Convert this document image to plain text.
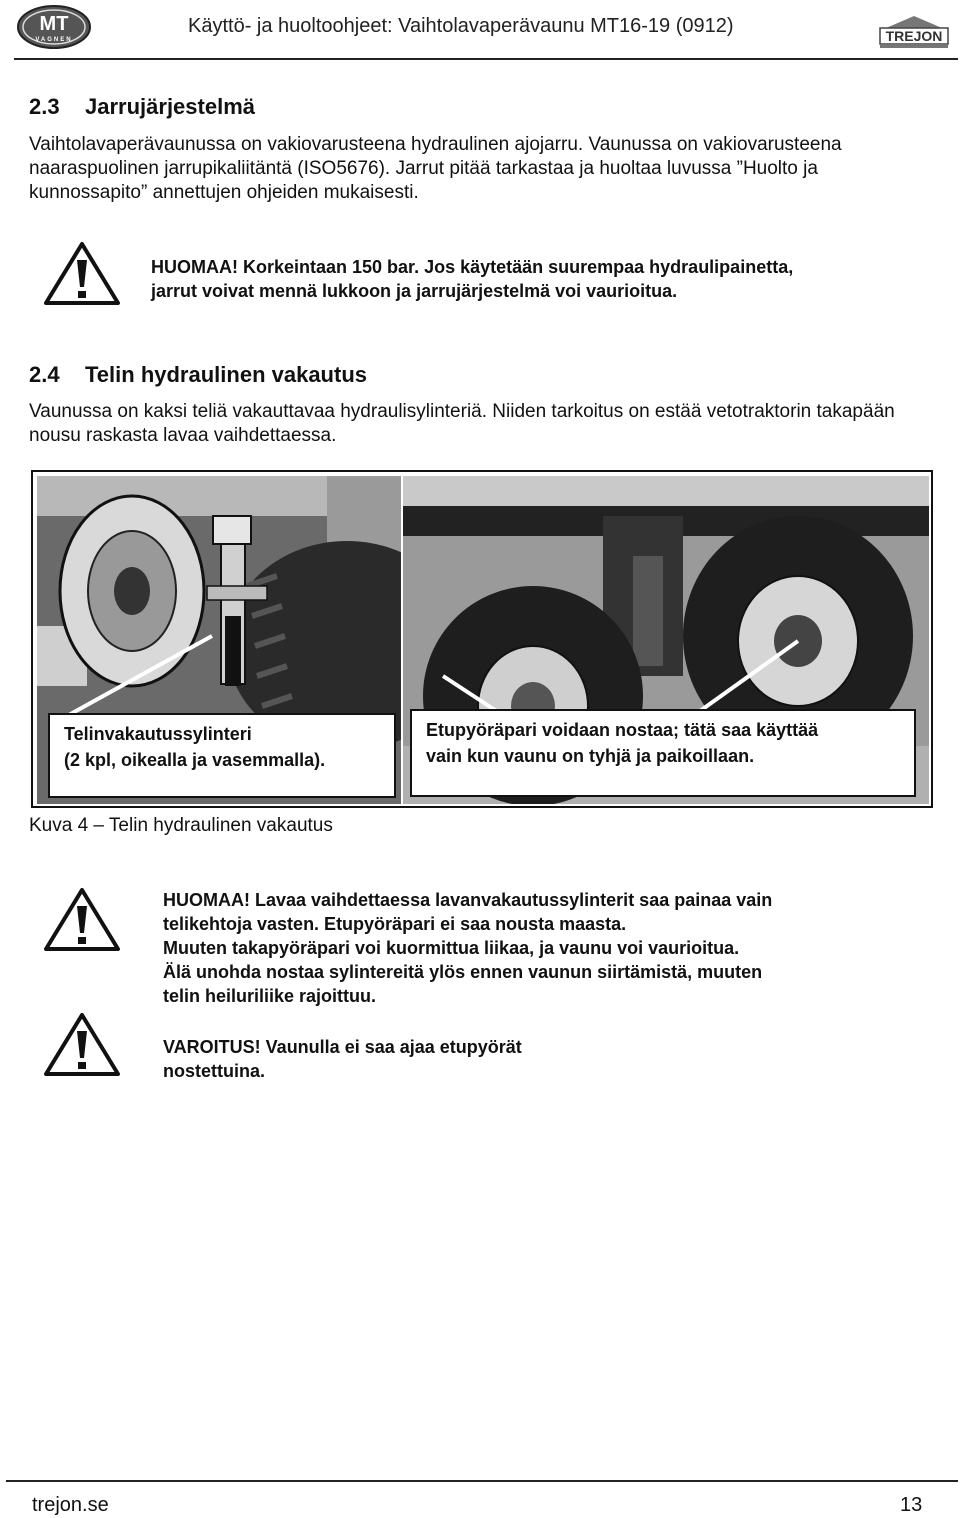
MT
VAGNEN
Käyttö- ja huoltoohjeet: Vaihtolavaperävaunu MT16-19 (0912)	TREJON
2.3 Jarrujärjestelmä
Vaihtolavaperävaunussa on vakiovarusteena hydraulinen ajojarru. Vaunussa on vakiovarusteena naaraspuolinen jarrupikaliitäntä (ISO5676). Jarrut pitää tarkastaa ja huoltaa luvussa ”Huolto ja kunnossapito” annettujen ohjeiden mukaisesti.
HUOMAA! Korkeintaan 150 bar. Jos käytetään suurempaa hydraulipainetta,
jarrut voivat mennä lukkoon ja jarrujärjestelmä voi vaurioitua.
2.4 Telin hydraulinen vakautus
Vaunussa on kaksi teliä vakauttavaa hydraulisylinteriä. Niiden tarkoitus on estää vetotraktorin takapään nousu raskasta lavaa vaihdettaessa.
Telinvakautussylinteri
(2 kpl, oikealla ja vasemmalla).
Etupyöräpari voidaan nostaa; tätä saa käyttää
vain kun vaunu on tyhjä ja paikoillaan.
Kuva 4 – Telin hydraulinen vakautus
HUOMAA! Lavaa vaihdettaessa lavanvakautussylinterit saa painaa vain
telikehtoja vasten. Etupyöräpari ei saa nousta maasta.
Muuten takapyöräpari voi kuormittua liikaa, ja vaunu voi vaurioitua.
Älä unohda nostaa sylintereitä ylös ennen vaunun siirtämistä, muuten
telin heiluriliike rajoittuu.
VAROITUS! Vaunulla ei saa ajaa etupyörät
nostettuina.
trejon.se	13
